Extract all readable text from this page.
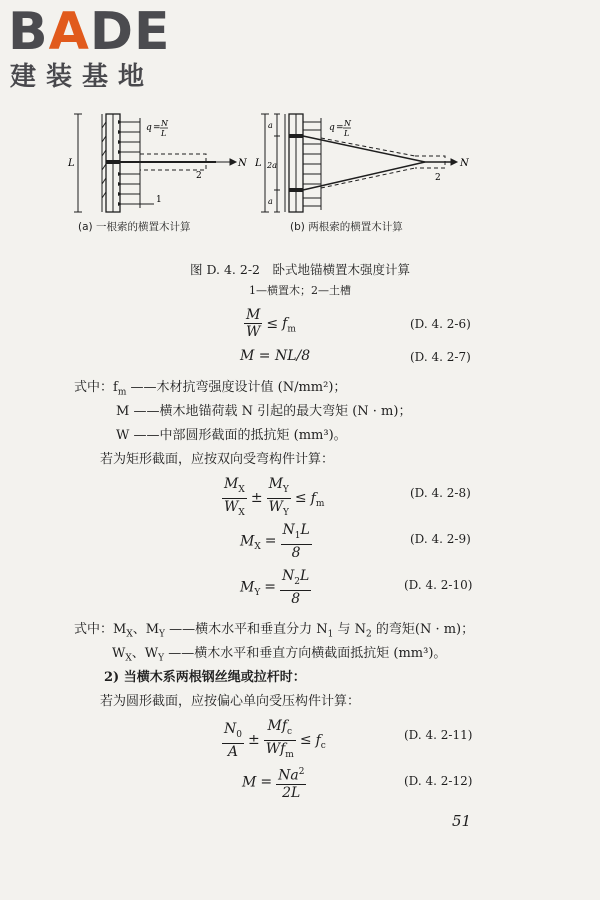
BADE
建装基地
q = N
L
L	N
1
2
q = N
L
L
a
2a
a
N
2
(a) 一根索的横置木计算	(b) 两根索的横置木计算
图 D. 4. 2-2　卧式地锚横置木强度计算
1—横置木；2—土槽
$\frac{M}{W} \le f_m$	(D. 4. 2-6)
M = NL/8	(D. 4. 2-7)
式中：$f_m$ ——木材抗弯强度设计值 (N/mm²)；
M ——横木地锚荷载 N 引起的最大弯矩 (N · m)；
W ——中部圆形截面的抵抗矩 (mm³)。
若为矩形截面，应按双向受弯构件计算：
$\frac{M_X}{W_X} \pm \frac{M_Y}{W_Y} \le f_m$
(D. 4. 2-8)
$M_X = \frac{N_1L}{8}$	(D. 4. 2-9)
$M_Y = \frac{N_2L}{8}$	(D. 4. 2-10)
式中：$M_X$、$M_Y$ ——横木水平和垂直分力 $N_1$ 与 $N_2$ 的弯矩(N · m)；
$W_X$、$W_Y$ ——横木水平和垂直方向横截面抵抗矩 (mm³)。
2) 当横木系两根钢丝绳或拉杆时：
若为圆形截面，应按偏心单向受压构件计算：
$\frac{N_0}{A} \pm \frac{Mf_c}{Wf_m} \le f_c$
(D. 4. 2-11)
$M = \frac{Na^2}{2L}$	(D. 4. 2-12)
51
